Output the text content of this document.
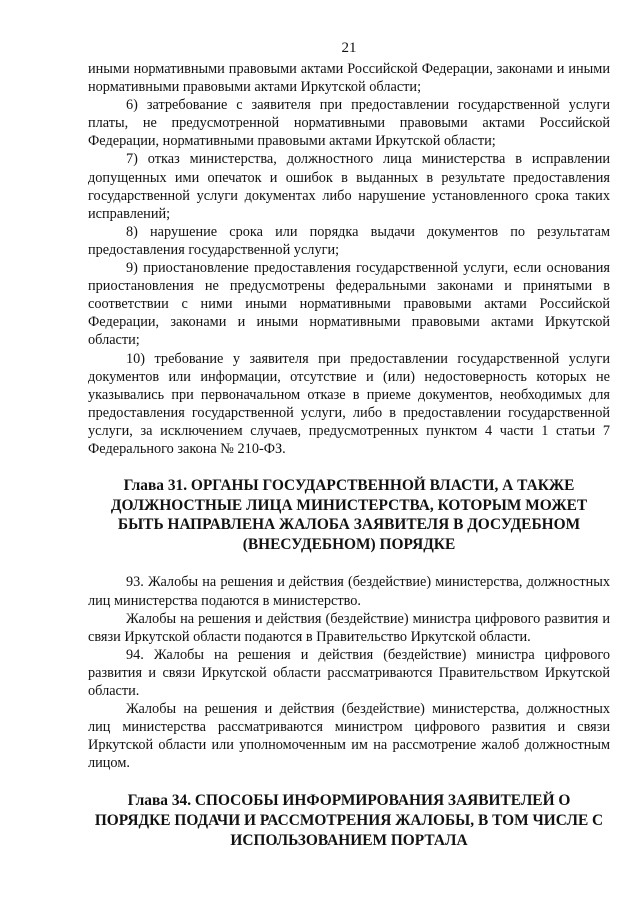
21

иными нормативными правовыми актами Российской Федерации, законами и иными нормативными правовыми актами Иркутской области;

6) затребование с заявителя при предоставлении государственной услуги платы, не предусмотренной нормативными правовыми актами Российской Федерации, нормативными правовыми актами Иркутской области;

7) отказ министерства, должностного лица министерства в исправлении допущенных ими опечаток и ошибок в выданных в результате предоставления государственной услуги документах либо нарушение установленного срока таких исправлений;

8) нарушение срока или порядка выдачи документов по результатам предоставления государственной услуги;

9) приостановление предоставления государственной услуги, если основания приостановления не предусмотрены федеральными законами и принятыми в соответствии с ними иными нормативными правовыми актами Российской Федерации, законами и иными нормативными правовыми актами Иркутской области;

10) требование у заявителя при предоставлении государственной услуги документов или информации, отсутствие и (или) недостоверность которых не указывались при первоначальном отказе в приеме документов, необходимых для предоставления государственной услуги, либо в предоставлении государственной услуги, за исключением случаев, предусмотренных пунктом 4 части 1 статьи 7 Федерального закона № 210-ФЗ.

Глава 31. ОРГАНЫ ГОСУДАРСТВЕННОЙ ВЛАСТИ, А ТАКЖЕ ДОЛЖНОСТНЫЕ ЛИЦА МИНИСТЕРСТВА, КОТОРЫМ МОЖЕТ БЫТЬ НАПРАВЛЕНА ЖАЛОБА ЗАЯВИТЕЛЯ В ДОСУДЕБНОМ (ВНЕСУДЕБНОМ) ПОРЯДКЕ

93. Жалобы на решения и действия (бездействие) министерства, должностных лиц министерства подаются в министерство.

Жалобы на решения и действия (бездействие) министра цифрового развития и связи Иркутской области подаются в Правительство Иркутской области.

94. Жалобы на решения и действия (бездействие) министра цифрового развития и связи Иркутской области рассматриваются Правительством Иркутской области.

Жалобы на решения и действия (бездействие) министерства, должностных лиц министерства рассматриваются министром цифрового развития и связи Иркутской области или уполномоченным им на рассмотрение жалоб должностным лицом.

Глава 34. СПОСОБЫ ИНФОРМИРОВАНИЯ ЗАЯВИТЕЛЕЙ О ПОРЯДКЕ ПОДАЧИ И РАССМОТРЕНИЯ ЖАЛОБЫ, В ТОМ ЧИСЛЕ С ИСПОЛЬЗОВАНИЕМ ПОРТАЛА
